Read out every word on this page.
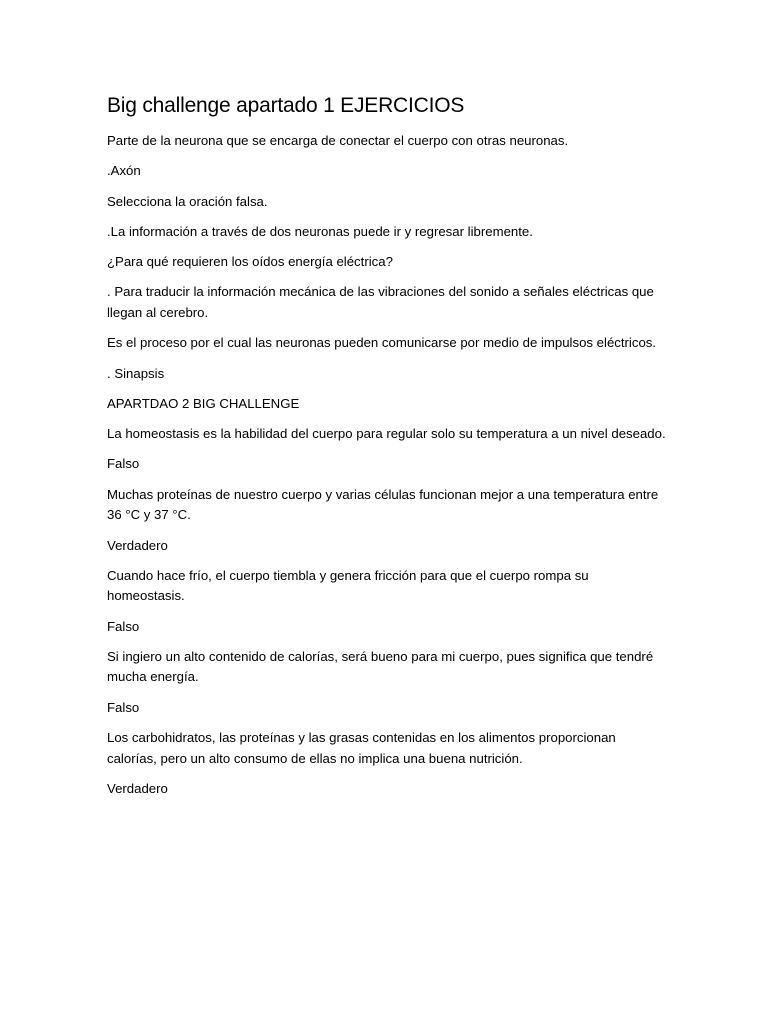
Big challenge apartado 1 EJERCICIOS

Parte de la neurona que se encarga de conectar el cuerpo con otras neuronas.

.Axón

Selecciona la oración falsa.

.La información a través de dos neuronas puede ir y regresar libremente.

¿Para qué requieren los oídos energía eléctrica?

. Para traducir la información mecánica de las vibraciones del sonido a señales eléctricas que llegan al cerebro.

Es el proceso por el cual las neuronas pueden comunicarse por medio de impulsos eléctricos.

. Sinapsis

APARTDAO 2 BIG CHALLENGE

La homeostasis es la habilidad del cuerpo para regular solo su temperatura a un nivel deseado.

Falso

Muchas proteínas de nuestro cuerpo y varias células funcionan mejor a una temperatura entre 36 °C y 37 °C.

Verdadero

Cuando hace frío, el cuerpo tiembla y genera fricción para que el cuerpo rompa su homeostasis.

Falso

Si ingiero un alto contenido de calorías, será bueno para mi cuerpo, pues significa que tendré mucha energía.

Falso

Los carbohidratos, las proteínas y las grasas contenidas en los alimentos proporcionan calorías, pero un alto consumo de ellas no implica una buena nutrición.

Verdadero
